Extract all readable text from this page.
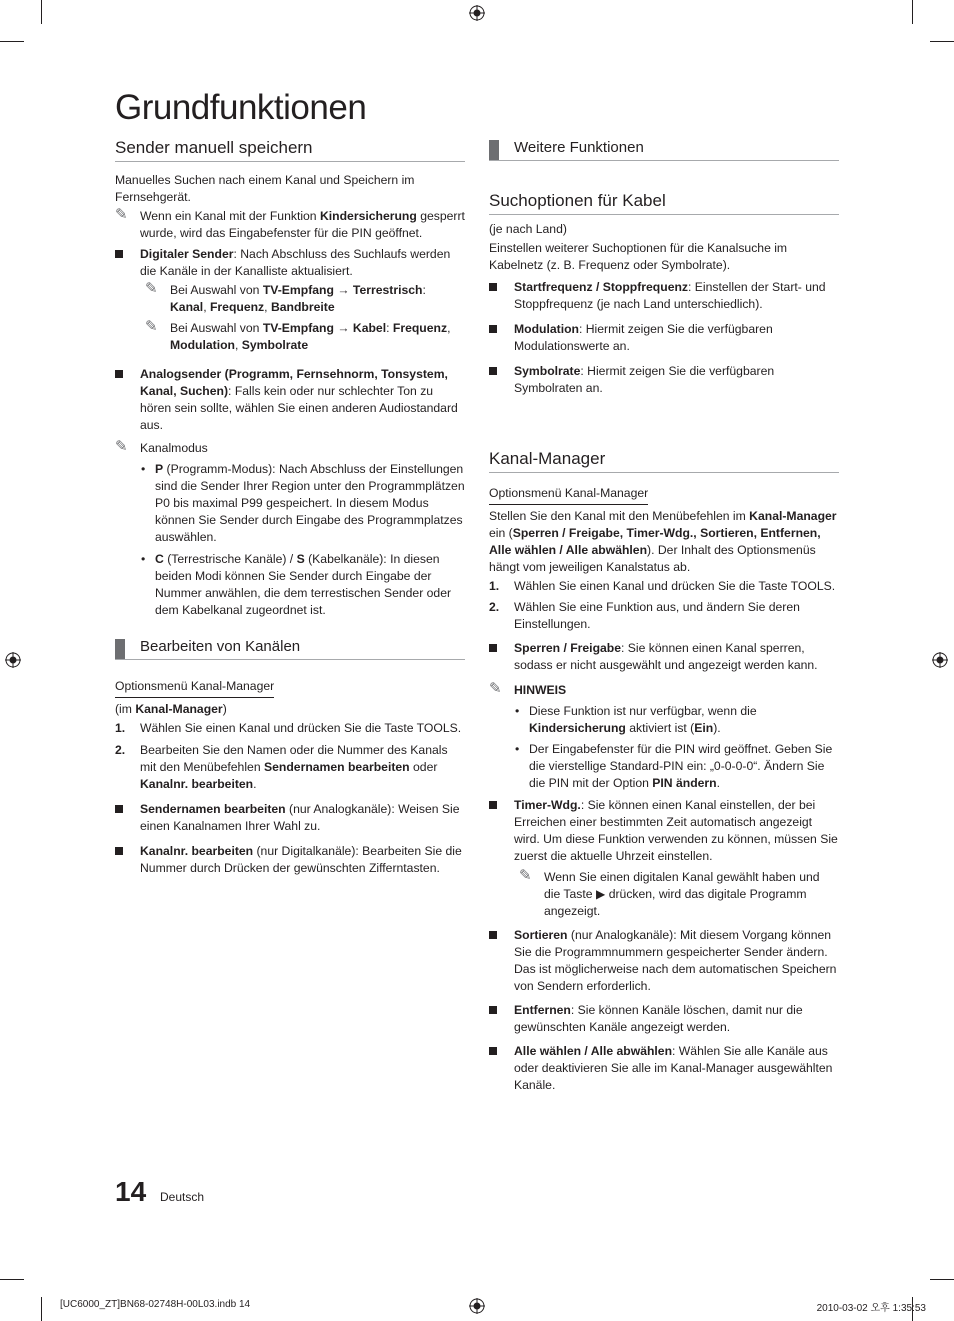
Grundfunktionen
Sender manuell speichern

Manuelles Suchen nach einem Kanal und Speichern im Fernsehgerät.

✎ Wenn ein Kanal mit der Funktion Kindersicherung gesperrt wurde, wird das Eingabefenster für die PIN geöffnet.

Digitaler Sender: Nach Abschluss des Suchlaufs werden die Kanäle in der Kanalliste aktualisiert.

✎ Bei Auswahl von TV-Empfang → Terrestrisch: Kanal, Frequenz, Bandbreite

✎ Bei Auswahl von TV-Empfang → Kabel: Frequenz, Modulation, Symbolrate

Analogsender (Programm, Fernsehnorm, Tonsystem, Kanal, Suchen): Falls kein oder nur schlechter Ton zu hören sein sollte, wählen Sie einen anderen Audiostandard aus.

✎ Kanalmodus

• P (Programm-Modus): Nach Abschluss der Einstellungen sind die Sender Ihrer Region unter den Programmplätzen P0 bis maximal P99 gespeichert. In diesem Modus können Sie Sender durch Eingabe des Programmplatzes auswählen.

• C (Terrestrische Kanäle) / S (Kabelkanäle): In diesen beiden Modi können Sie Sender durch Eingabe der Nummer anwählen, die dem terrestischen Sender oder dem Kabelkanal zugeordnet ist.

Bearbeiten von Kanälen

Optionsmenü Kanal-Manager

(im Kanal-Manager)

1. Wählen Sie einen Kanal und drücken Sie die Taste TOOLS.

2. Bearbeiten Sie den Namen oder die Nummer des Kanals mit den Menübefehlen Sendernamen bearbeiten oder Kanalnr. bearbeiten.

Sendernamen bearbeiten (nur Analogkanäle): Weisen Sie einen Kanalnamen Ihrer Wahl zu.

Kanalnr. bearbeiten (nur Digitalkanäle): Bearbeiten Sie die Nummer durch Drücken der gewünschten Zifferntasten.

Weitere Funktionen
Suchoptionen für Kabel

(je nach Land)

Einstellen weiterer Suchoptionen für die Kanalsuche im Kabelnetz (z. B. Frequenz oder Symbolrate).

Startfrequenz / Stoppfrequenz: Einstellen der Start- und Stoppfrequenz (je nach Land unterschiedlich).

Modulation: Hiermit zeigen Sie die verfügbaren Modulationswerte an.

Symbolrate: Hiermit zeigen Sie die verfügbaren Symbolraten an.

Kanal-Manager

Optionsmenü Kanal-Manager

Stellen Sie den Kanal mit den Menübefehlen im Kanal-Manager ein (Sperren / Freigabe, Timer-Wdg., Sortieren, Entfernen, Alle wählen / Alle abwählen). Der Inhalt des Optionsmenüs hängt vom jeweiligen Kanalstatus ab.

1. Wählen Sie einen Kanal und drücken Sie die Taste TOOLS.

2. Wählen Sie eine Funktion aus, und ändern Sie deren Einstellungen.

Sperren / Freigabe: Sie können einen Kanal sperren, sodass er nicht ausgewählt und angezeigt werden kann.

✎ HINWEIS

• Diese Funktion ist nur verfügbar, wenn die Kindersicherung aktiviert ist (Ein).

• Der Eingabefenster für die PIN wird geöffnet. Geben Sie die vierstellige Standard-PIN ein: „0-0-0-0“. Ändern Sie die PIN mit der Option PIN ändern.

Timer-Wdg.: Sie können einen Kanal einstellen, der bei Erreichen einer bestimmten Zeit automatisch angezeigt wird. Um diese Funktion verwenden zu können, müssen Sie zuerst die aktuelle Uhrzeit einstellen.

✎ Wenn Sie einen digitalen Kanal gewählt haben und die Taste ▶ drücken, wird das digitale Programm angezeigt.

Sortieren (nur Analogkanäle): Mit diesem Vorgang können Sie die Programmnummern gespeicherter Sender ändern. Das ist möglicherweise nach dem automatischen Speichern von Sendern erforderlich.

Entfernen: Sie können Kanäle löschen, damit nur die gewünschten Kanäle angezeigt werden.

Alle wählen / Alle abwählen: Wählen Sie alle Kanäle aus oder deaktivieren Sie alle im Kanal-Manager ausgewählten Kanäle.

14 Deutsch
[UC6000_ZT]BN68-02748H-00L03.indb 14	2010-03-02 오후 1:35:53
